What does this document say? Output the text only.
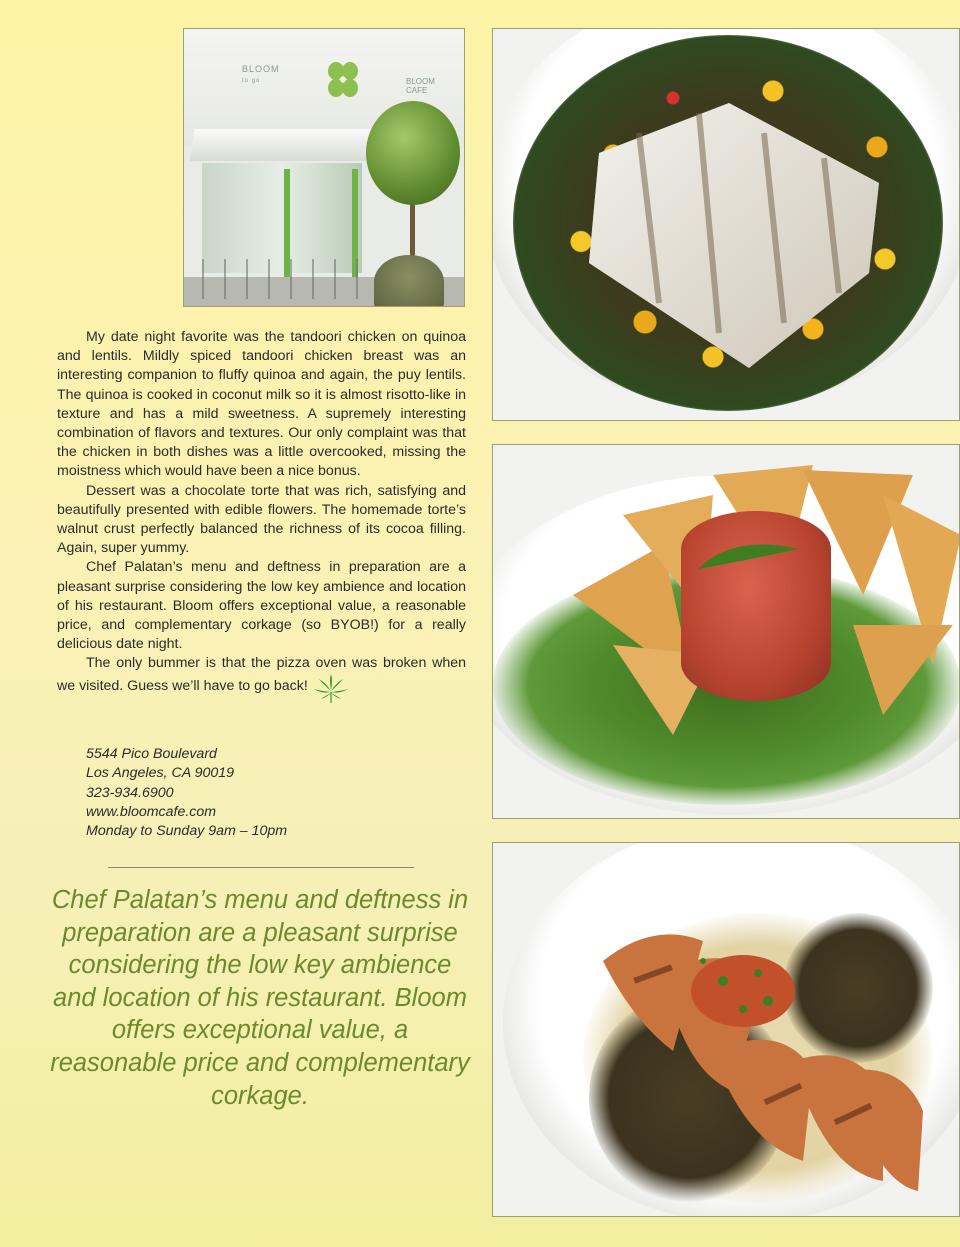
BLOOM
to go	BLOOM
CAFE

My date night favorite was the tandoori chicken on quinoa and lentils. Mildly spiced tandoori chicken breast was an interesting companion to fluffy quinoa and again, the puy lentils. The quinoa is cooked in coconut milk so it is almost risotto-like in texture and has a mild sweetness. A supremely interesting combination of flavors and textures. Our only complaint was that the chicken in both dishes was a little overcooked, missing the moistness which would have been a nice bonus.

Dessert was a chocolate torte that was rich, satisfying and beautifully presented with edible flowers. The homemade torte’s walnut crust perfectly balanced the richness of its cocoa filling. Again, super yummy.

Chef Palatan’s menu and deftness in preparation are a pleasant surprise considering the low key ambience and location of his restaurant. Bloom offers exceptional value, a reasonable price, and complementary corkage (so BYOB!) for a really delicious date night.

The only bummer is that the pizza oven was broken when we visited. Guess we’ll have to go back!

5544 Pico Boulevard
Los Angeles, CA 90019
323-934.6900
www.bloomcafe.com
Monday to Sunday 9am – 10pm
Chef Palatan’s menu and deftness in preparation are a pleasant surprise considering the low key ambience and location of his restaurant. Bloom offers exceptional value, a reasonable price and complementary corkage.
